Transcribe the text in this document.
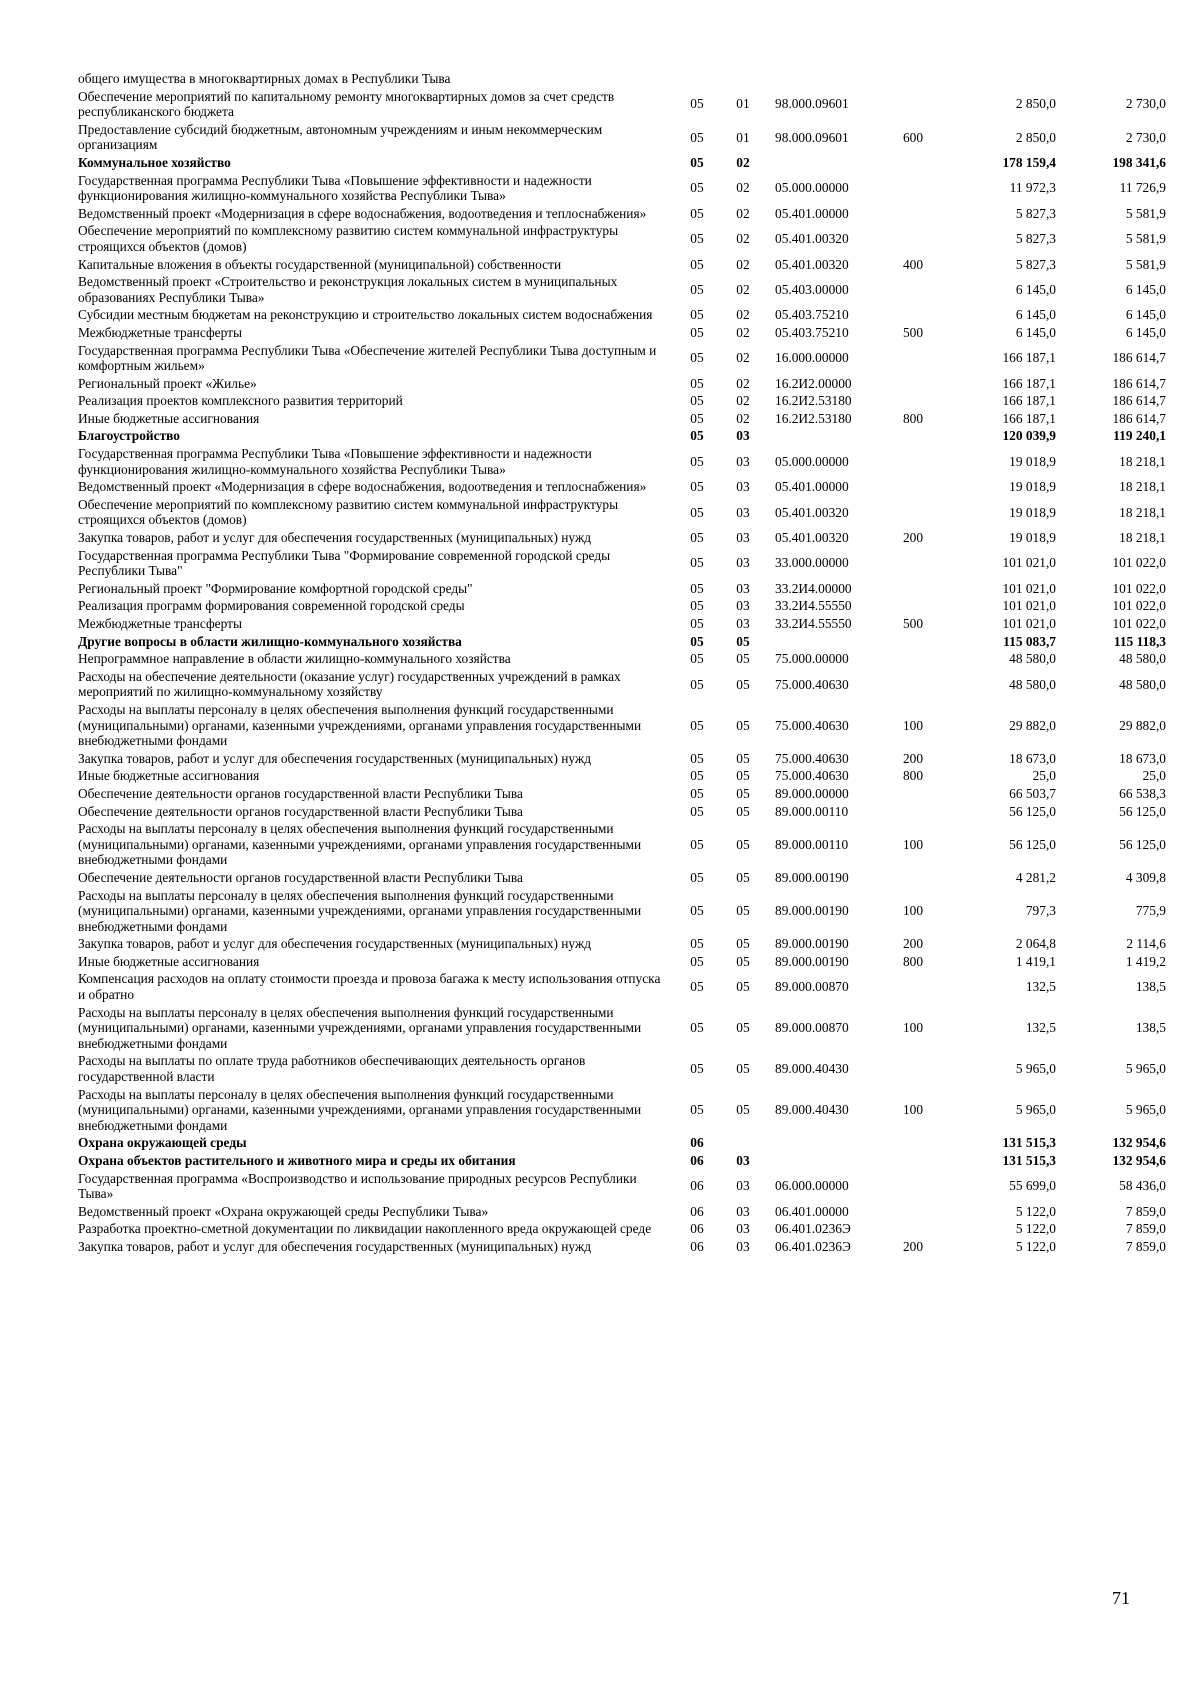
общего имущества в многоквартирных домах в Республики Тыва						
Обеспечение мероприятий по капитальному ремонту многоквартирных домов за счет средств республиканского бюджета	05	01	98.000.09601		2 850,0	2 730,0
Предоставление субсидий бюджетным, автономным учреждениям и иным некоммерческим организациям	05	01	98.000.09601	600	2 850,0	2 730,0
Коммунальное хозяйство	05	02			178 159,4	198 341,6
Государственная программа Республики Тыва «Повышение эффективности и надежности функционирования жилищно-коммунального хозяйства Республики Тыва»	05	02	05.000.00000		11 972,3	11 726,9
Ведомственный проект «Модернизация в сфере водоснабжения, водоотведения и теплоснабжения»	05	02	05.401.00000		5 827,3	5 581,9
Обеспечение мероприятий по комплексному развитию систем коммунальной инфраструктуры строящихся объектов (домов)	05	02	05.401.00320		5 827,3	5 581,9
Капитальные вложения в объекты государственной (муниципальной) собственности	05	02	05.401.00320	400	5 827,3	5 581,9
Ведомственный проект «Строительство и реконструкция локальных систем в муниципальных образованиях Республики Тыва»	05	02	05.403.00000		6 145,0	6 145,0
Субсидии местным бюджетам на реконструкцию и строительство локальных систем водоснабжения	05	02	05.403.75210		6 145,0	6 145,0
Межбюджетные трансферты	05	02	05.403.75210	500	6 145,0	6 145,0
Государственная программа Республики Тыва «Обеспечение жителей Республики Тыва доступным и комфортным жильем»	05	02	16.000.00000		166 187,1	186 614,7
Региональный проект «Жилье»	05	02	16.2И2.00000		166 187,1	186 614,7
Реализация проектов комплексного развития территорий	05	02	16.2И2.53180		166 187,1	186 614,7
Иные бюджетные ассигнования	05	02	16.2И2.53180	800	166 187,1	186 614,7
Благоустройство	05	03			120 039,9	119 240,1
Государственная программа Республики Тыва «Повышение эффективности и надежности функционирования жилищно-коммунального хозяйства Республики Тыва»	05	03	05.000.00000		19 018,9	18 218,1
Ведомственный проект «Модернизация в сфере водоснабжения, водоотведения и теплоснабжения»	05	03	05.401.00000		19 018,9	18 218,1
Обеспечение мероприятий по комплексному развитию систем коммунальной инфраструктуры строящихся объектов (домов)	05	03	05.401.00320		19 018,9	18 218,1
Закупка товаров, работ и услуг для обеспечения государственных (муниципальных) нужд	05	03	05.401.00320	200	19 018,9	18 218,1
Государственная программа Республики Тыва "Формирование современной городской среды Республики Тыва"	05	03	33.000.00000		101 021,0	101 022,0
Региональный проект "Формирование комфортной городской среды"	05	03	33.2И4.00000		101 021,0	101 022,0
Реализация программ формирования современной городской среды	05	03	33.2И4.55550		101 021,0	101 022,0
Межбюджетные трансферты	05	03	33.2И4.55550	500	101 021,0	101 022,0
Другие вопросы в области жилищно-коммунального хозяйства	05	05			115 083,7	115 118,3
Непрограммное направление в области жилищно-коммунального хозяйства	05	05	75.000.00000		48 580,0	48 580,0
Расходы на обеспечение деятельности (оказание услуг) государственных учреждений в рамках мероприятий по жилищно-коммунальному хозяйству	05	05	75.000.40630		48 580,0	48 580,0
Расходы на выплаты персоналу в целях обеспечения выполнения функций государственными (муниципальными) органами, казенными учреждениями, органами управления государственными внебюджетными фондами	05	05	75.000.40630	100	29 882,0	29 882,0
Закупка товаров, работ и услуг для обеспечения государственных (муниципальных) нужд	05	05	75.000.40630	200	18 673,0	18 673,0
Иные бюджетные ассигнования	05	05	75.000.40630	800	25,0	25,0
Обеспечение деятельности органов государственной власти Республики Тыва	05	05	89.000.00000		66 503,7	66 538,3
Обеспечение деятельности органов государственной власти Республики Тыва	05	05	89.000.00110		56 125,0	56 125,0
Расходы на выплаты персоналу в целях обеспечения выполнения функций государственными (муниципальными) органами, казенными учреждениями, органами управления государственными внебюджетными фондами	05	05	89.000.00110	100	56 125,0	56 125,0
Обеспечение деятельности органов государственной власти Республики Тыва	05	05	89.000.00190		4 281,2	4 309,8
Расходы на выплаты персоналу в целях обеспечения выполнения функций государственными (муниципальными) органами, казенными учреждениями, органами управления государственными внебюджетными фондами	05	05	89.000.00190	100	797,3	775,9
Закупка товаров, работ и услуг для обеспечения государственных (муниципальных) нужд	05	05	89.000.00190	200	2 064,8	2 114,6
Иные бюджетные ассигнования	05	05	89.000.00190	800	1 419,1	1 419,2
Компенсация расходов на оплату стоимости проезда и провоза багажа к месту использования отпуска и обратно	05	05	89.000.00870		132,5	138,5
Расходы на выплаты персоналу в целях обеспечения выполнения функций государственными (муниципальными) органами, казенными учреждениями, органами управления государственными внебюджетными фондами	05	05	89.000.00870	100	132,5	138,5
Расходы на выплаты по оплате труда работников обеспечивающих деятельность органов государственной власти	05	05	89.000.40430		5 965,0	5 965,0
Расходы на выплаты персоналу в целях обеспечения выполнения функций государственными (муниципальными) органами, казенными учреждениями, органами управления государственными внебюджетными фондами	05	05	89.000.40430	100	5 965,0	5 965,0
Охрана окружающей среды	06				131 515,3	132 954,6
Охрана объектов растительного и животного мира и среды их обитания	06	03			131 515,3	132 954,6
Государственная программа «Воспроизводство и использование природных ресурсов Республики Тыва»	06	03	06.000.00000		55 699,0	58 436,0
Ведомственный проект «Охрана окружающей среды Республики Тыва»	06	03	06.401.00000		5 122,0	7 859,0
Разработка проектно-сметной документации по ликвидации накопленного вреда окружающей среде	06	03	06.401.0236Э		5 122,0	7 859,0
Закупка товаров, работ и услуг для обеспечения государственных (муниципальных) нужд	06	03	06.401.0236Э	200	5 122,0	7 859,0
71
